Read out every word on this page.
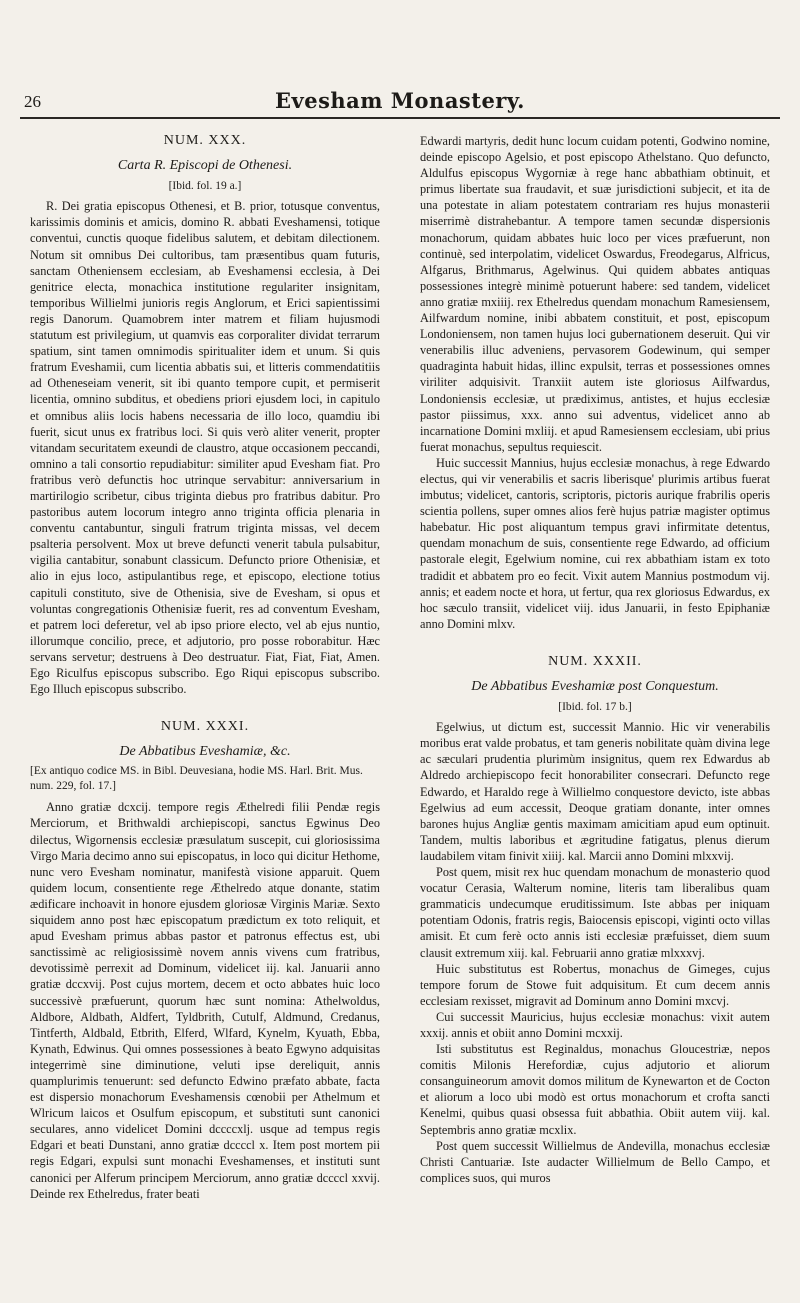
26	Evesham Monastery.
NUM. XXX.
Carta R. Episcopi de Othenesi.
[Ibid. fol. 19 a.]

R. Dei gratia episcopus Othenesi, et B. prior, totusque conventus, karissimis dominis et amicis, domino R. abbati Eveshamensi, totique conventui, cunctis quoque fidelibus salutem, et debitam dilectionem. Notum sit omnibus Dei cultoribus, tam præsentibus quam futuris, sanctam Otheniensem ecclesiam, ab Eveshamensi ecclesia, à Dei genitrice electa, monachica institutione regulariter insignitam, temporibus Willielmi junioris regis Anglorum, et Erici sapientissimi regis Danorum. Quamobrem inter matrem et filiam hujusmodi statutum est privilegium, ut quamvis eas corporaliter dividat terrarum spatium, sint tamen omnimodis spiritualiter idem et unum. Si quis fratrum Eveshamii, cum licentia abbatis sui, et litteris commendatitiis ad Otheneseiam venerit, sit ibi quanto tempore cupit, et permiserit licentia, omnino subditus, et obediens priori ejusdem loci, in capitulo et omnibus aliis locis habens necessaria de illo loco, quamdiu ibi fuerit, sicut unus ex fratribus loci. Si quis verò aliter venerit, propter vitandam securitatem exeundi de claustro, atque occasionem peccandi, omnino a tali consortio repudiabitur: similiter apud Evesham fiat. Pro fratribus verò defunctis hoc utrinque servabitur: anniversarium in martirilogio scribetur, cibus triginta diebus pro fratribus dabitur. Pro pastoribus autem locorum integro anno triginta officia plenaria in conventu cantabuntur, singuli fratrum triginta missas, vel decem psalteria persolvent. Mox ut breve defuncti venerit tabula pulsabitur, vigilia cantabitur, sonabunt classicum. Defuncto priore Othenisiæ, et alio in ejus loco, astipulantibus rege, et episcopo, electione totius capituli constituto, sive de Othenisia, sive de Evesham, si opus et voluntas congregationis Othenisiæ fuerit, res ad conventum Evesham, et patrem loci deferetur, vel ab ipso priore electo, vel ab ejus nuntio, illorumque concilio, prece, et adjutorio, pro posse roborabitur. Hæc servans servetur; destruens à Deo destruatur. Fiat, Fiat, Fiat, Amen. Ego Riculfus episcopus subscribo. Ego Riqui episcopus subscribo. Ego Illuch episcopus subscribo.

NUM. XXXI.
De Abbatibus Eveshamiæ, &c.
[Ex antiquo codice MS. in Bibl. Deuvesiana, hodie MS. Harl. Brit. Mus. num. 229, fol. 17.]

Anno gratiæ dcxcij. tempore regis Æthelredi filii Pendæ regis Merciorum, et Brithwaldi archiepiscopi, sanctus Egwinus Deo dilectus, Wigornensis ecclesiæ præsulatum suscepit, cui gloriosissima Virgo Maria decimo anno sui episcopatus, in loco qui dicitur Hethome, nunc vero Evesham nominatur, manifestà visione apparuit. Quem quidem locum, consentiente rege Æthelredo atque donante, statim ædificare inchoavit in honore ejusdem gloriosæ Virginis Mariæ. Sexto siquidem anno post hæc episcopatum prædictum ex toto reliquit, et apud Evesham primus abbas pastor et patronus effectus est, ubi sanctissimè ac religiosissimè novem annis vivens cum fratribus, devotissimè perrexit ad Dominum, videlicet iij. kal. Januarii anno gratiæ dccxvij. Post cujus mortem, decem et octo abbates huic loco successivè præfuerunt, quorum hæc sunt nomina: Athelwoldus, Aldbore, Aldbath, Aldfert, Tyldbrith, Cutulf, Aldmund, Credanus, Tintferth, Aldbald, Etbrith, Elferd, Wlfard, Kynelm, Kyuath, Ebba, Kynath, Edwinus. Qui omnes possessiones à beato Egwyno adquisitas integerrimè sine diminutione, veluti ipse dereliquit, annis quamplurimis tenuerunt: sed defuncto Edwino præfato abbate, facta est dispersio monachorum Eveshamensis cœnobii per Athelmum et Wlricum laicos et Osulfum episcopum, et substituti sunt canonici seculares, anno videlicet Domini dccccxlj. usque ad tempus regis Edgari et beati Dunstani, anno gratiæ dccccl x. Item post mortem pii regis Edgari, expulsi sunt monachi Eveshamenses, et instituti sunt canonici per Alferum principem Merciorum, anno gratiæ dccccl xxvij. Deinde rex Ethelredus, frater beati

Edwardi martyris, dedit hunc locum cuidam potenti, Godwino nomine, deinde episcopo Agelsio, et post episcopo Athelstano. Quo defuncto, Aldulfus episcopus Wygorniæ à rege hanc abbathiam obtinuit, et primus libertate sua fraudavit, et suæ jurisdictioni subjecit, et ita de una potestate in aliam potestatem contrariam res hujus monasterii miserrimè distrahebantur. A tempore tamen secundæ dispersionis monachorum, quidam abbates huic loco per vices præfuerunt, non continuè, sed interpolatim, videlicet Oswardus, Freodegarus, Alfricus, Alfgarus, Brithmarus, Agelwinus. Qui quidem abbates antiquas possessiones integrè minimè potuerunt habere: sed tandem, videlicet anno gratiæ mxiiij. rex Ethelredus quendam monachum Ramesiensem, Ailfwardum nomine, inibi abbatem constituit, et post, episcopum Londoniensem, non tamen hujus loci gubernationem deseruit. Qui vir venerabilis illuc adveniens, pervasorem Godewinum, qui semper quadraginta habuit hidas, illinc expulsit, terras et possessiones omnes viriliter adquisivit. Tranxiit autem iste gloriosus Ailfwardus, Londoniensis ecclesiæ, ut prædiximus, antistes, et hujus ecclesiæ pastor piissimus, xxx. anno sui adventus, videlicet anno ab incarnatione Domini mxliij. et apud Ramesiensem ecclesiam, ubi prius fuerat monachus, sepultus requiescit.

Huic successit Mannius, hujus ecclesiæ monachus, à rege Edwardo electus, qui vir venerabilis et sacris liberisque' plurimis artibus fuerat imbutus; videlicet, cantoris, scriptoris, pictoris aurique frabrilis operis scientia pollens, super omnes alios ferè hujus patriæ magister optimus habebatur. Hic post aliquantum tempus gravi infirmitate detentus, quendam monachum de suis, consentiente rege Edwardo, ad officium pastorale elegit, Egelwium nomine, cui rex abbathiam istam ex toto tradidit et abbatem pro eo fecit. Vixit autem Mannius postmodum vij. annis; et eadem nocte et hora, ut fertur, qua rex gloriosus Edwardus, ex hoc sæculo transiit, videlicet viij. idus Januarii, in festo Epiphaniæ anno Domini mlxv.

NUM. XXXII.
De Abbatibus Eveshamiæ post Conquestum.
[Ibid. fol. 17 b.]

Egelwius, ut dictum est, successit Mannio. Hic vir venerabilis moribus erat valde probatus, et tam generis nobilitate quàm divina lege ac sæculari prudentia plurimùm insignitus, quem rex Edwardus ab Aldredo archiepiscopo fecit honorabiliter consecrari. Defuncto rege Edwardo, et Haraldo rege à Willielmo conquestore devicto, iste abbas Egelwius ad eum accessit, Deoque gratiam donante, inter omnes barones hujus Angliæ gentis maximam amicitiam apud eum optinuit. Tandem, multis laboribus et ægritudine fatigatus, plenus dierum laudabilem vitam finivit xiiij. kal. Marcii anno Domini mlxxvij.

Post quem, misit rex huc quendam monachum de monasterio quod vocatur Cerasia, Walterum nomine, literis tam liberalibus quam grammaticis undecumque eruditissimum. Iste abbas per iniquam potentiam Odonis, fratris regis, Baiocensis episcopi, viginti octo villas amisit. Et cum ferè octo annis isti ecclesiæ præfuisset, diem suum clausit extremum xiij. kal. Februarii anno gratiæ mlxxxvj.

Huic substitutus est Robertus, monachus de Gimeges, cujus tempore forum de Stowe fuit adquisitum. Et cum decem annis ecclesiam rexisset, migravit ad Dominum anno Domini mxcvj.

Cui successit Mauricius, hujus ecclesiæ monachus: vixit autem xxxij. annis et obiit anno Domini mcxxij.

Isti substitutus est Reginaldus, monachus Gloucestriæ, nepos comitis Milonis Herefordiæ, cujus adjutorio et aliorum consanguineorum amovit domos militum de Kynewarton et de Cocton et aliorum a loco ubi modò est ortus monachorum et crofta sancti Kenelmi, quibus quasi obsessa fuit abbathia. Obiit autem viij. kal. Septembris anno gratiæ mcxlix.

Post quem successit Willielmus de Andevilla, monachus ecclesiæ Christi Cantuariæ. Iste audacter Willielmum de Bello Campo, et complices suos, qui muros
